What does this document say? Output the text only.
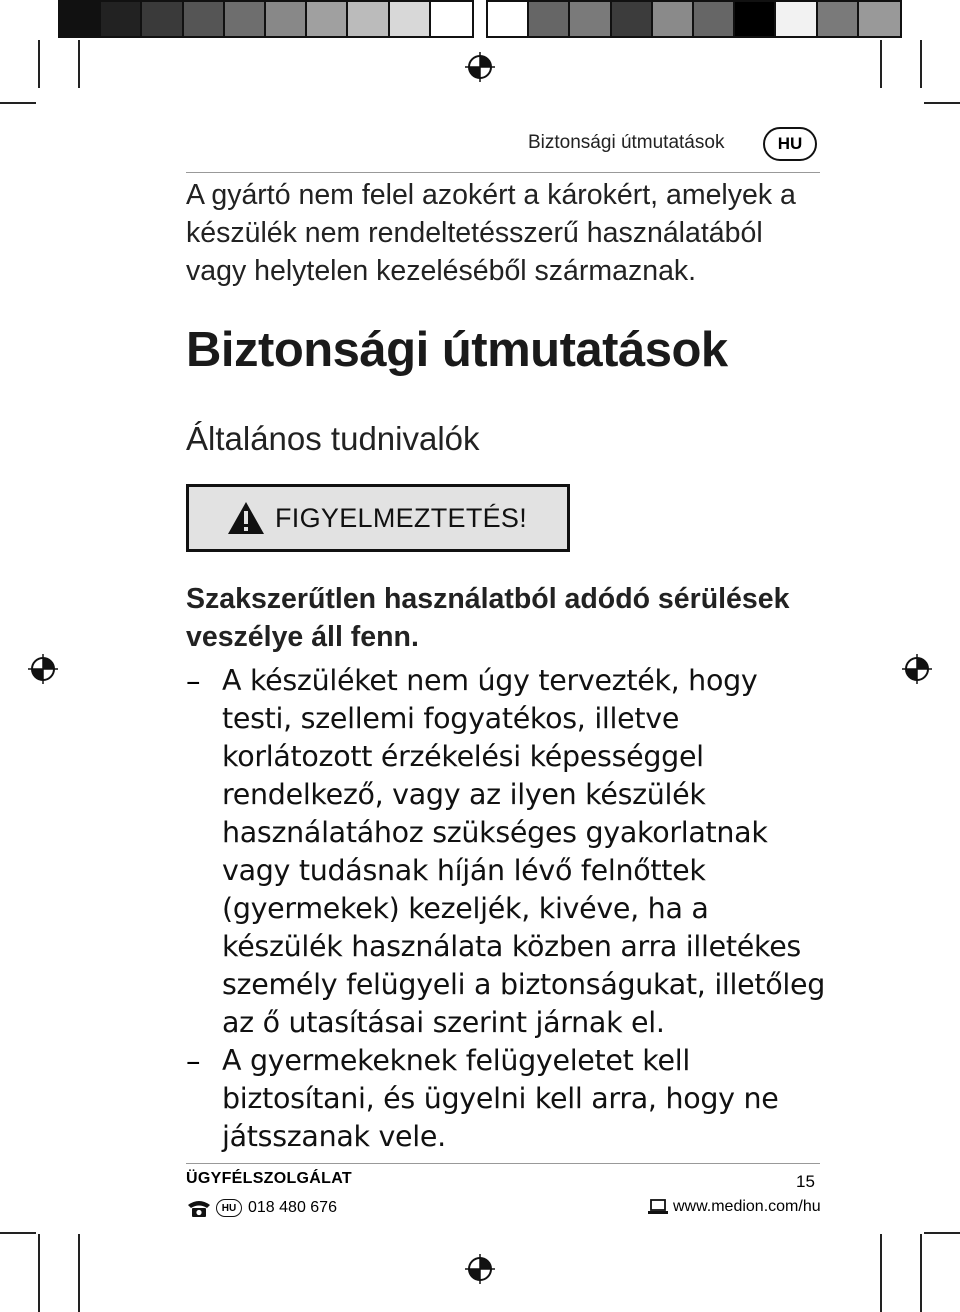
Biztonsági útmutatások	HU
A gyártó nem felel azokért a károkért, amelyek a készülék nem rendeltetésszerű használatából vagy helytelen kezeléséből származnak.
Biztonsági útmutatások
Általános tudnivalók
FIGYELMEZTETÉS!
Szakszerűtlen használatból adódó sérülések veszélye áll fenn.
– A készüléket nem úgy tervezték, hogy testi, szellemi fogyatékos, illetve korlátozott érzékelési képességgel rendelkező, vagy az ilyen készülék használatához szükséges gyakorlatnak vagy tudásnak híján lévő felnőttek (gyermekek) kezeljék, kivéve, ha a készülék használata közben arra illetékes személy felügyeli a biztonságukat, illetőleg az ő utasításai szerint járnak el.
– A gyermekeknek felügyeletet kell biztosítani, és ügyelni kell arra, hogy ne játsszanak vele.
ÜGYFÉLSZOLGÁLAT	15
HU 018 480 676	www.medion.com/hu
